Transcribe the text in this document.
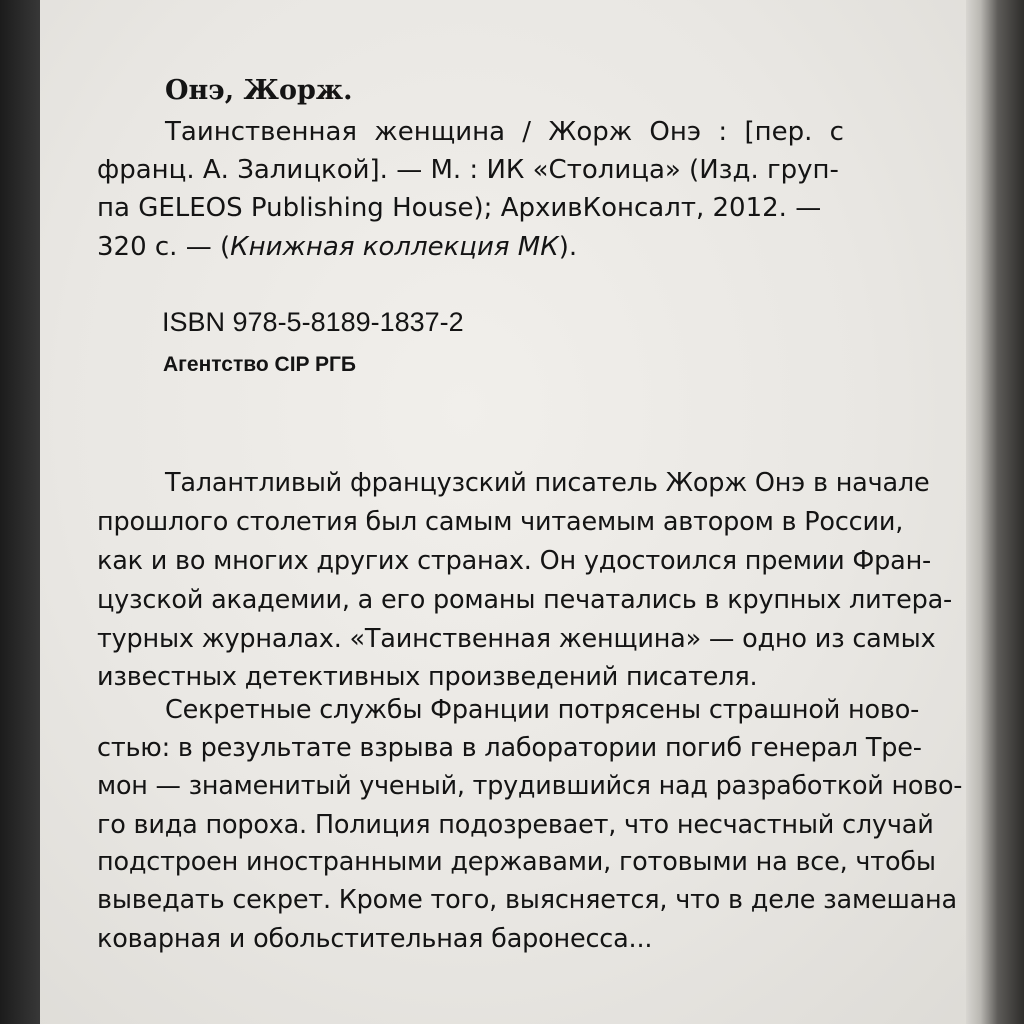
Онэ, Жорж.
Таинственная женщина / Жорж Онэ : [пер. с
франц. А. Залицкой]. — М. : ИК «Столица» (Изд. груп-
па GELEOS Publishing House); АрхивКонсалт, 2012. —
320 с. — (Книжная коллекция МК).
ISBN 978-5-8189-1837-2
Агентство CIP РГБ
Талантливый французский писатель Жорж Онэ в начале
прошлого столетия был самым читаемым автором в России,
как и во многих других странах. Он удостоился премии Фран-
цузской академии, а его романы печатались в крупных литера-
турных журналах. «Таинственная женщина» — одно из самых
известных детективных произведений писателя.
Секретные службы Франции потрясены страшной ново-
стью: в результате взрыва в лаборатории погиб генерал Тре-
мон — знаменитый ученый, трудившийся над разработкой ново-
го вида пороха. Полиция подозревает, что несчастный случай
подстроен иностранными державами, готовыми на все, чтобы
выведать секрет. Кроме того, выясняется, что в деле замешана
коварная и обольстительная баронесса...
